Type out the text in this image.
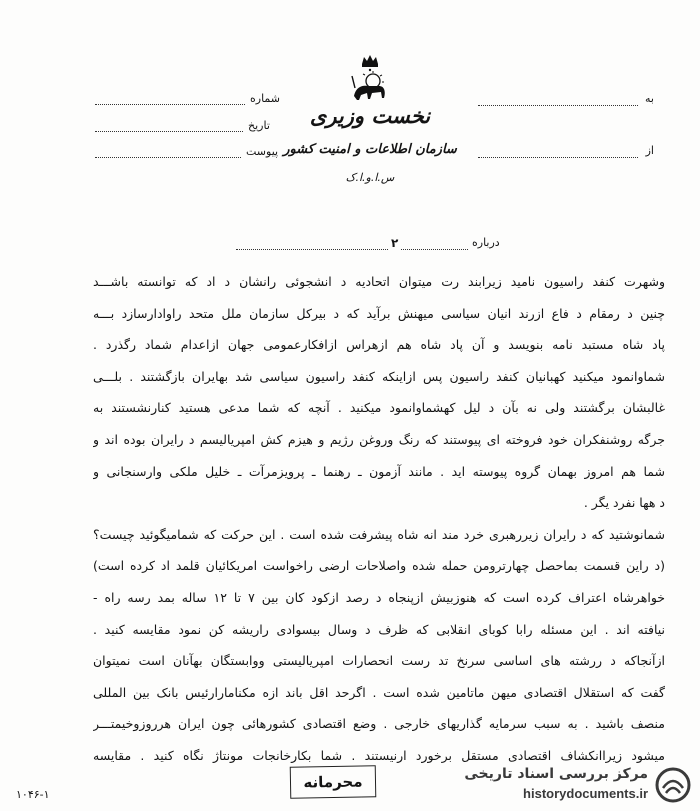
به
از
شماره
تاریخ
پیوست
نخست وزیری
سازمان اطلاعات و امنیت کشور
س.ا.و.ا.ک
درباره
۲
وشهرت کنفد راسیون نامید زیرابند رت میتوان اتحادیه د انشجوئی رانشان د اد که توانسته باشـــد
چنین د رمقام د فاع ازرند انیان سیاسی میهنش برآید که د بیرکل سازمان ملل متحد راوادارسازد بـــه
پاد شاه مستبد نامه بنویسد و آن پاد شاه هم ازهراس ازافکارعمومی جهان ازاعدام شماد رگذرد .
شماوانمود میکنید کهبانیان کنفد راسیون پس ازاینکه کنفد راسیون سیاسی شد بهایران بازگشتند . بلـــی
غالبشان برگشتند ولی نه بآن د لیل کهشماوانمود میکنید . آنچه که شما مدعی هستید کنارنشستند به
جرگه روشنفکران خود فروخته ای پیوستند که رنگ وروغن رژیم و هیزم کش امپریالیسم د رایران بوده اند و
شما هم امروز بهمان گروه پیوسته اید . مانند آزمون ـ رهنما ـ پرویزمرآت ـ خلیل ملکی وارسنجانی و
د هها نفرد یگر .
شمانوشتید که د رایران زیررهبری خرد مند انه شاه پیشرفت شده است . این حرکت که شمامیگوئید چیست؟
(د راین قسمت بماحصل چهارترومن حمله شده واصلاحات ارضی راخواست امریکائیان قلمد اد کرده است)
خواهرشاه اعتراف کرده است که هنوزبیش ازپنجاه د رصد ازکود کان بین ۷ تا ۱۲ ساله بمد رسه راه -
نیافته اند . این مسئله رابا کوبای انقلابی که ظرف د وسال بیسوادی راریشه کن نمود مقایسه کنید .
ازآنجاکه د ررشته های اساسی سرنخ تد رست انحصارات امپریالیستی ووابستگان بهآنان است نمیتوان
گفت که استقلال اقتصادی میهن ماتامین شده است . اگرحد اقل باند ازه مکنامارارئیس بانک بین المللی
منصف باشید . به سبب سرمایه گذاریهای خارجی . وضع اقتصادی کشورهائی چون ایران هرروزوخیمتـــر
میشود زیراانکشاف اقتصادی مستقل برخورد ارنیستند . شما بکارخانجات مونتاژ نگاه کنید . مقایسه
محرمانه
۱۰۴۶-۱
مرکز بررسی اسناد تاریخی
historydocuments.ir
